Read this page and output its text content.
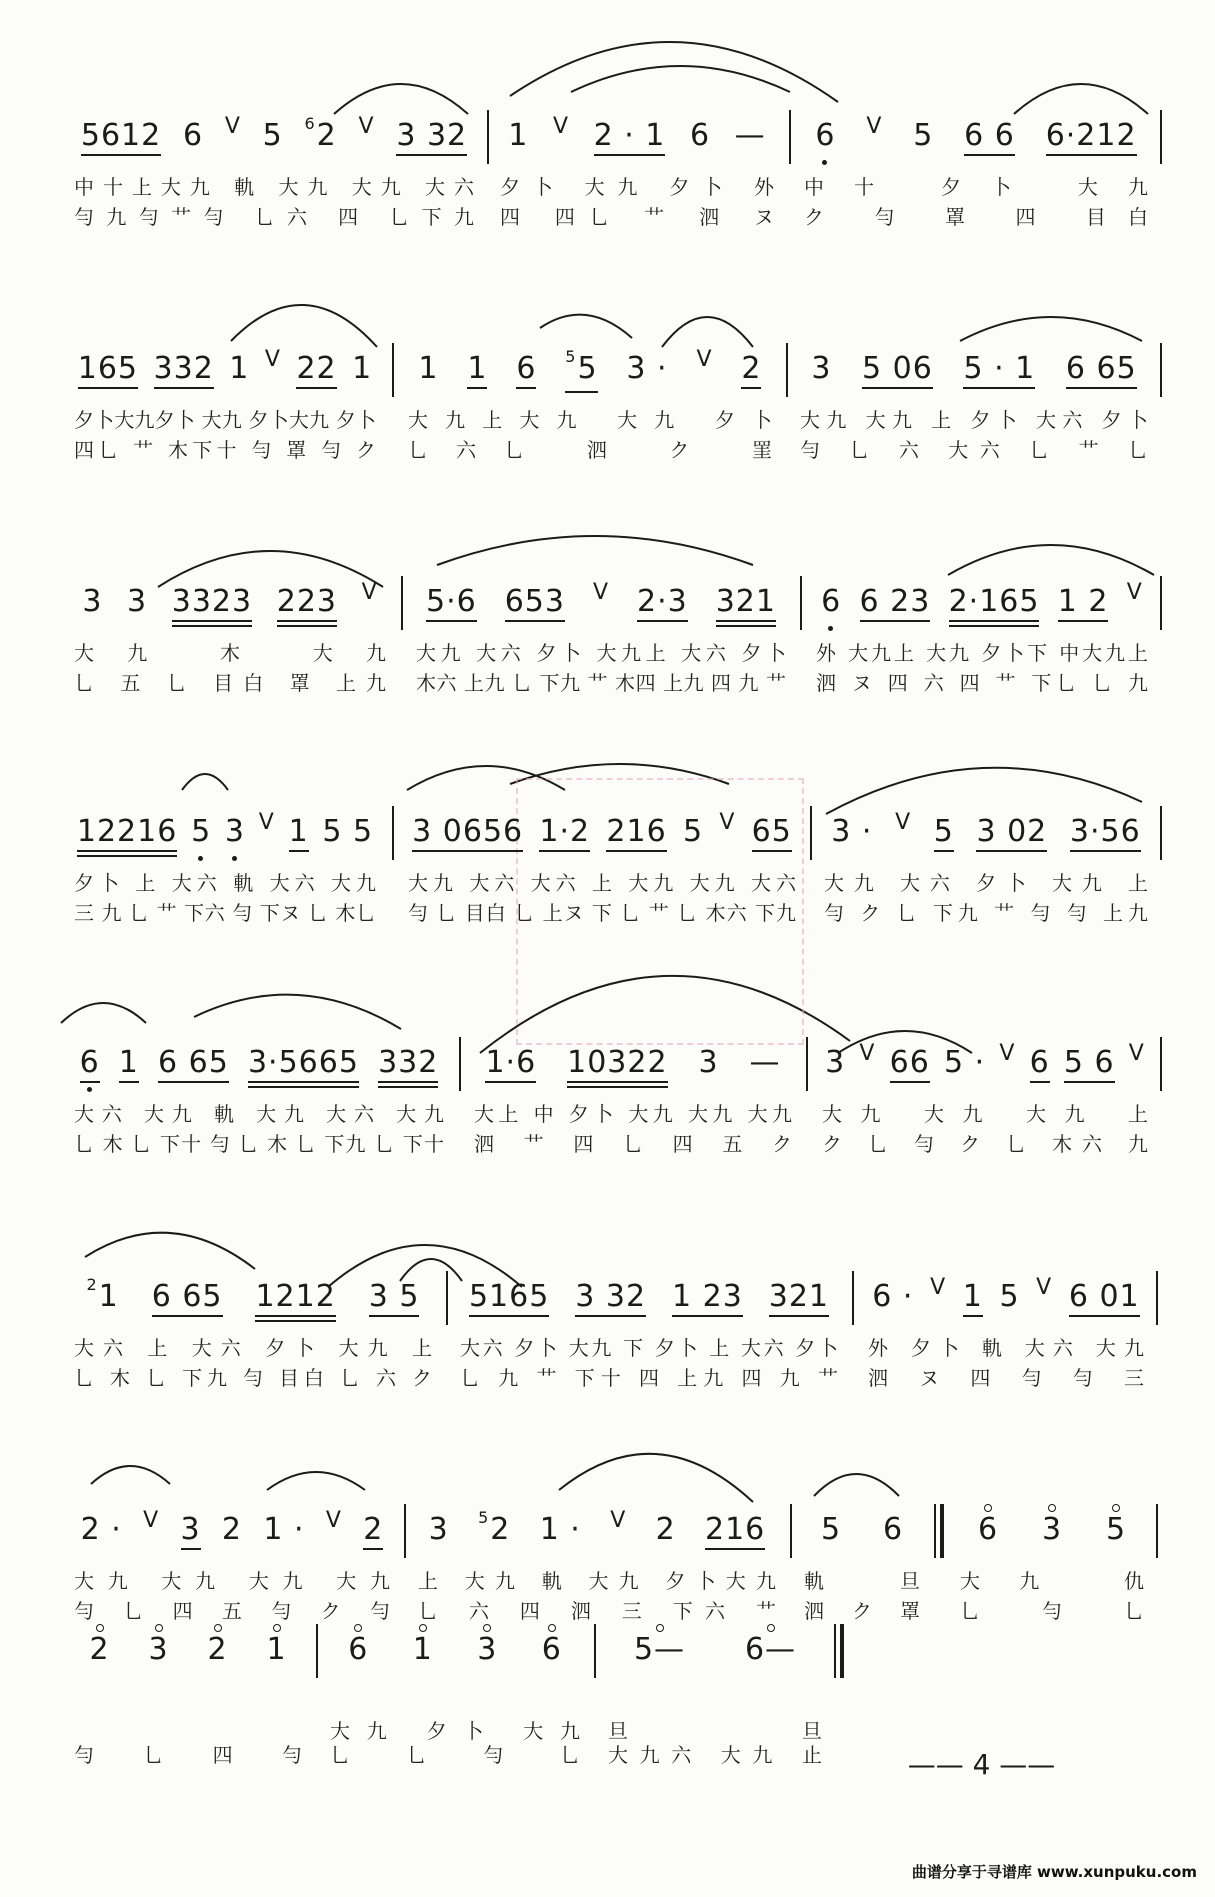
—— 4 ——
曲谱分享于寻谱库 www.xunpuku.com
5612 6 V 5 $^6$2 V 3 32
中十上大九 軌 大九 大九 大六
勻九勻艹勻 乚六 四 乚下九
1 V 2 · 1 6 —
夕卜 大九 夕卜 外
四 四乚 艹 泗 ヌ
6 V 5 6 6 6·212
中十 夕卜 大九
ク 勻 罩 四 目白
165 332 1 V 22 1
夕卜大九夕卜 大九 夕卜大九 夕卜
四乚 艹 木下十 勻 罩 勻 ク
1 1 6 $^5$5 3 · V 2
大九上大九 大九 夕卜
乚六乚 泗 ク 罣
3 5 06 5 · 1 6 65
大九 大九 上 夕卜 大六 夕卜
勻 乚 六 大六 乚 艹 乚
3 3 3323 223 V
大九 木 大九
乚 五 乚 目白 罩 上九
5·6 653 V 2·3 321
大九 大六 夕卜 大九上 大六 夕卜
木六 上九 乚 下九 艹 木四 上九 四 九 艹
6 6 23 2·165 1 2 V
外 大九上 大九 夕卜下 中大九上
泗 ヌ 四 六 四 艹 下乚 乚 九
12216 5 3 V 1 5 5
夕卜 上 大六 軌 大六 大九
三 九 乚 艹 下六 勻 下ヌ 乚 木乚
3 0656 1·2 216 5 V 65
大九 大六 大六 上 大九 大九 大六
勻 乚 目白 乚 上ヌ 下 乚 艹 乚 木六 下九
3 · V 5 3 02 3·56
大九 大六 夕卜 大九 上
勻 ク 乚 下九 艹 勻 勻 上九
6 1 6 65 3·5665 332
大六 大九 軌 大九 大六 大九
乚 木 乚 下十 勻 乚 木 乚 下九 乚 下十
1·6 10322 3 —
大上 中 夕卜 大九 大九 大九
泗 艹 四 乚 四 五 ク
3 V 66 5 · V 6 5 6 V
大九 大九 大九 上
ク 乚 勻 ク 乚 木六 九
$^2$1 6 65 1212 3 5
大六 上 大六 夕卜 大九 上
乚 木 乚 下九 勻 目白 乚 六 ク
5165 3 32 1 23 321
大六 夕卜 大九 下 夕卜 上 大六 夕卜
乚 九 艹 下十 四 上九 四 九 艹
6 · V 1 5 V 6 01
外 夕卜 軌 大六 大九
泗 ヌ 四 勻 勻 三
2 · V 3 2 1 · V 2
大九 大九 大九 大九
勻 乚 四 五 勻 ク 勻
3 $^5$2 1 · V 2 216
上 大九 軌 大九 夕卜大九
乚 六 四 泗 三 下六 艹
5 6
軌 旦
泗 ク 罩
6 3 5
大九 仇
乚 勻 乚
2 3 2 1
勻 乚 四 勻
6 1 3 6
大九 夕卜 大九
乚 乚 勻 乚
5— 6—
旦 旦
大九六 大九 止
